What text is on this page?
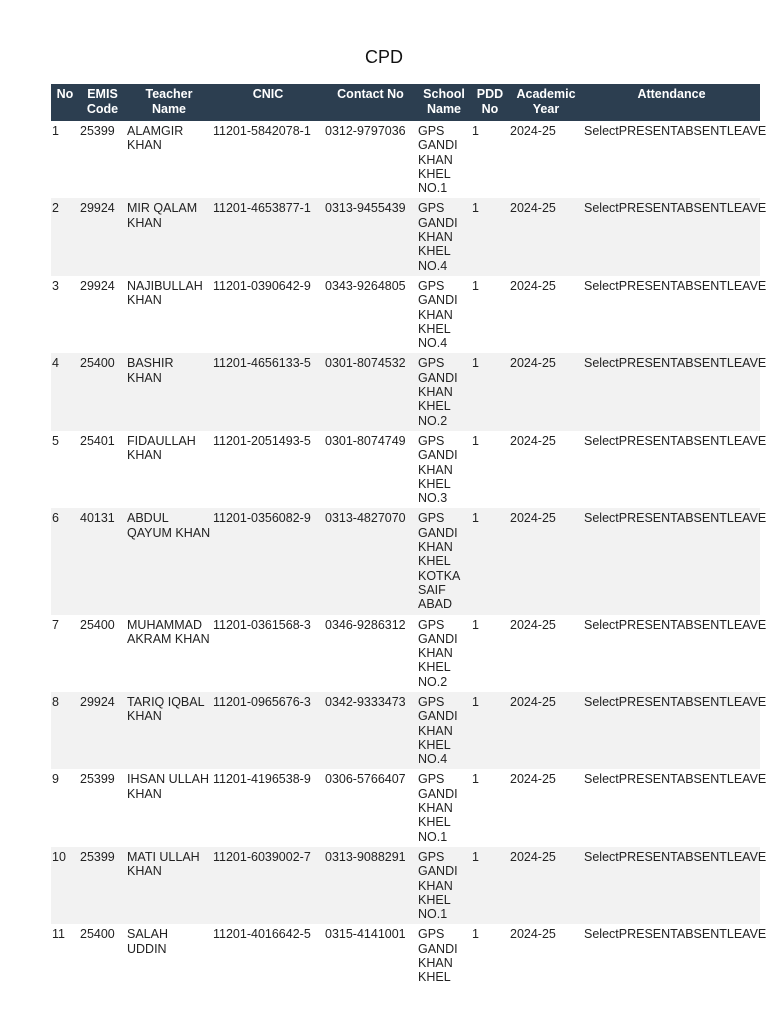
CPD
No	EMIS Code	Teacher Name	CNIC	Contact No	School Name	PDD No	Academic Year	Attendance
1	25399	ALAMGIR KHAN	11201-5842078-1	0312-9797036	GPS GANDI KHAN KHEL NO.1	1	2024-25	SelectPRESENTABSENTLEAVE
2	29924	MIR QALAM KHAN	11201-4653877-1	0313-9455439	GPS GANDI KHAN KHEL NO.4	1	2024-25	SelectPRESENTABSENTLEAVE
3	29924	NAJIBULLAH KHAN	11201-0390642-9	0343-9264805	GPS GANDI KHAN KHEL NO.4	1	2024-25	SelectPRESENTABSENTLEAVE
4	25400	BASHIR KHAN	11201-4656133-5	0301-8074532	GPS GANDI KHAN KHEL NO.2	1	2024-25	SelectPRESENTABSENTLEAVE
5	25401	FIDAULLAH KHAN	11201-2051493-5	0301-8074749	GPS GANDI KHAN KHEL NO.3	1	2024-25	SelectPRESENTABSENTLEAVE
6	40131	ABDUL QAYUM KHAN	11201-0356082-9	0313-4827070	GPS GANDI KHAN KHEL KOTKA SAIF ABAD	1	2024-25	SelectPRESENTABSENTLEAVE
7	25400	MUHAMMAD AKRAM KHAN	11201-0361568-3	0346-9286312	GPS GANDI KHAN KHEL NO.2	1	2024-25	SelectPRESENTABSENTLEAVE
8	29924	TARIQ IQBAL KHAN	11201-0965676-3	0342-9333473	GPS GANDI KHAN KHEL NO.4	1	2024-25	SelectPRESENTABSENTLEAVE
9	25399	IHSAN ULLAH KHAN	11201-4196538-9	0306-5766407	GPS GANDI KHAN KHEL NO.1	1	2024-25	SelectPRESENTABSENTLEAVE
10	25399	MATI ULLAH KHAN	11201-6039002-7	0313-9088291	GPS GANDI KHAN KHEL NO.1	1	2024-25	SelectPRESENTABSENTLEAVE
11	25400	SALAH UDDIN	11201-4016642-5	0315-4141001	GPS GANDI KHAN KHEL	1	2024-25	SelectPRESENTABSENTLEAVE
